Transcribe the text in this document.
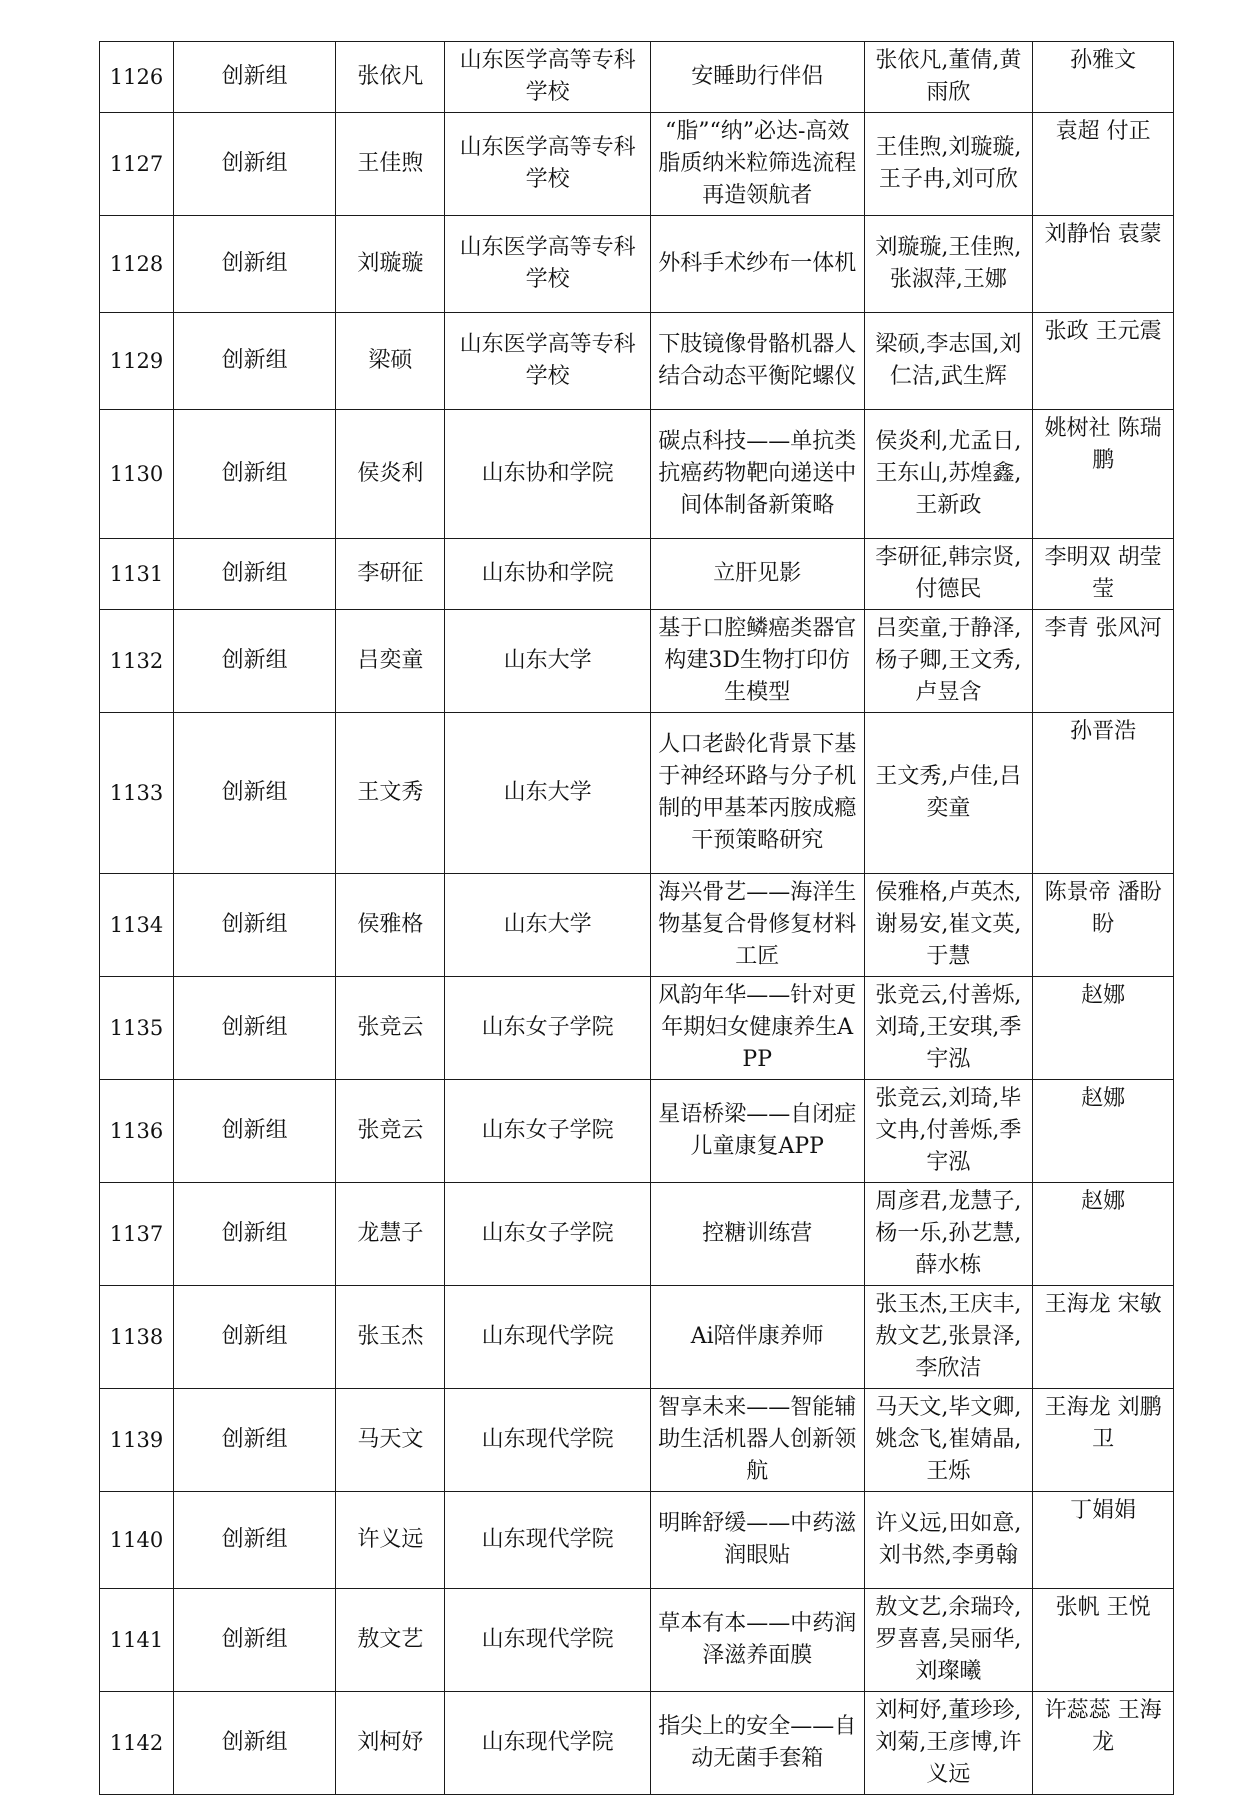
1126	创新组	张依凡	山东医学高等专科学校	安睡助行伴侣	张依凡,董倩,黄雨欣	孙雅文
1127	创新组	王佳煦	山东医学高等专科学校	“脂”“纳”必达-高效脂质纳米粒筛选流程再造领航者	王佳煦,刘璇璇,王子冉,刘可欣	袁超 付正
1128	创新组	刘璇璇	山东医学高等专科学校	外科手术纱布一体机	刘璇璇,王佳煦,张淑萍,王娜	刘静怡 袁蒙
1129	创新组	梁硕	山东医学高等专科学校	下肢镜像骨骼机器人结合动态平衡陀螺仪	梁硕,李志国,刘仁洁,武生辉	张政 王元震
1130	创新组	侯炎利	山东协和学院	碳点科技——单抗类抗癌药物靶向递送中间体制备新策略	侯炎利,尤孟日,王东山,苏煌鑫,王新政	姚树社 陈瑞鹏
1131	创新组	李研征	山东协和学院	立肝见影	李研征,韩宗贤,付德民	李明双 胡莹莹
1132	创新组	吕奕童	山东大学	基于口腔鳞癌类器官构建3D生物打印仿生模型	吕奕童,于静泽,杨子卿,王文秀,卢昱含	李青 张风河
1133	创新组	王文秀	山东大学	人口老龄化背景下基于神经环路与分子机制的甲基苯丙胺成瘾干预策略研究	王文秀,卢佳,吕奕童	孙晋浩
1134	创新组	侯雅格	山东大学	海兴骨艺——海洋生物基复合骨修复材料工匠	侯雅格,卢英杰,谢易安,崔文英,于慧	陈景帝 潘盼盼
1135	创新组	张竞云	山东女子学院	风韵年华——针对更年期妇女健康养生APP	张竞云,付善烁,刘琦,王安琪,季宇泓	赵娜
1136	创新组	张竞云	山东女子学院	星语桥梁——自闭症儿童康复APP	张竞云,刘琦,毕文冉,付善烁,季宇泓	赵娜
1137	创新组	龙慧子	山东女子学院	控糖训练营	周彦君,龙慧子,杨一乐,孙艺慧,薛水栋	赵娜
1138	创新组	张玉杰	山东现代学院	Ai陪伴康养师	张玉杰,王庆丰,敖文艺,张景泽,李欣洁	王海龙 宋敏
1139	创新组	马天文	山东现代学院	智享未来——智能辅助生活机器人创新领航	马天文,毕文卿,姚念飞,崔婧晶,王烁	王海龙 刘鹏卫
1140	创新组	许义远	山东现代学院	明眸舒缓——中药滋润眼贴	许义远,田如意,刘书然,李勇翰	丁娟娟
1141	创新组	敖文艺	山东现代学院	草本有本——中药润泽滋养面膜	敖文艺,余瑞玲,罗喜喜,吴丽华,刘璨曦	张帆 王悦
1142	创新组	刘柯妤	山东现代学院	指尖上的安全——自动无菌手套箱	刘柯妤,董珍珍,刘菊,王彦博,许义远	许蕊蕊 王海龙
